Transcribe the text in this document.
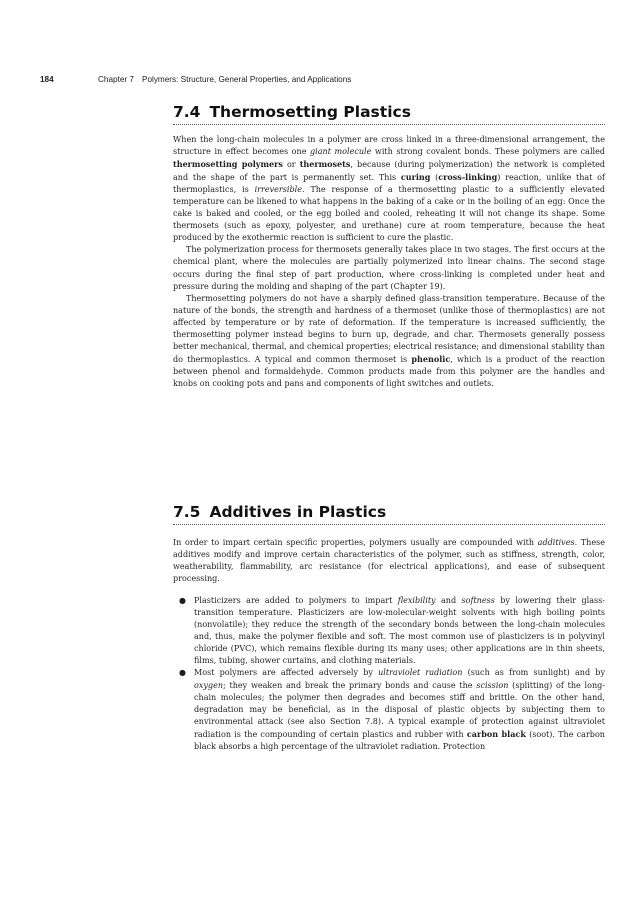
184	Chapter 7 Polymers: Structure, General Properties, and Applications
7.4 Thermosetting Plastics

When the long-chain molecules in a polymer are cross linked in a three-dimensional arrangement, the structure in effect becomes one giant molecule with strong covalent bonds. These polymers are called thermosetting polymers or thermosets, because (during polymerization) the network is completed and the shape of the part is permanently set. This curing (cross-linking) reaction, unlike that of thermoplastics, is irreversible. The response of a thermosetting plastic to a sufficiently elevated temperature can be likened to what happens in the baking of a cake or in the boiling of an egg: Once the cake is baked and cooled, or the egg boiled and cooled, reheating it will not change its shape. Some thermosets (such as epoxy, polyester, and urethane) cure at room temperature, because the heat produced by the exothermic reaction is sufficient to cure the plastic.

The polymerization process for thermosets generally takes place in two stages. The first occurs at the chemical plant, where the molecules are partially polymerized into linear chains. The second stage occurs during the final step of part production, where cross-linking is completed under heat and pressure during the molding and shaping of the part (Chapter 19).

Thermosetting polymers do not have a sharply defined glass-transition temperature. Because of the nature of the bonds, the strength and hardness of a thermoset (unlike those of thermoplastics) are not affected by temperature or by rate of deformation. If the temperature is increased sufficiently, the thermosetting polymer instead begins to burn up, degrade, and char. Thermosets generally possess better mechanical, thermal, and chemical properties; electrical resistance; and dimensional stability than do thermoplastics. A typical and common thermoset is phenolic, which is a product of the reaction between phenol and formaldehyde. Common products made from this polymer are the handles and knobs on cooking pots and pans and components of light switches and outlets.

7.5 Additives in Plastics

In order to impart certain specific properties, polymers usually are compounded with additives. These additives modify and improve certain characteristics of the polymer, such as stiffness, strength, color, weatherability, flammability, arc resistance (for electrical applications), and ease of subsequent processing.

● Plasticizers are added to polymers to impart flexibility and softness by lowering their glass-transition temperature. Plasticizers are low-molecular-weight solvents with high boiling points (nonvolatile); they reduce the strength of the secondary bonds between the long-chain molecules and, thus, make the polymer flexible and soft. The most common use of plasticizers is in polyvinyl chloride (PVC), which remains flexible during its many uses; other applications are in thin sheets, films, tubing, shower curtains, and clothing materials.
● Most polymers are affected adversely by ultraviolet radiation (such as from sunlight) and by oxygen; they weaken and break the primary bonds and cause the scission (splitting) of the long-chain molecules; the polymer then degrades and becomes stiff and brittle. On the other hand, degradation may be beneficial, as in the disposal of plastic objects by subjecting them to environmental attack (see also Section 7.8). A typical example of protection against ultraviolet radiation is the compounding of certain plastics and rubber with carbon black (soot). The carbon black absorbs a high percentage of the ultraviolet radiation. Protection
